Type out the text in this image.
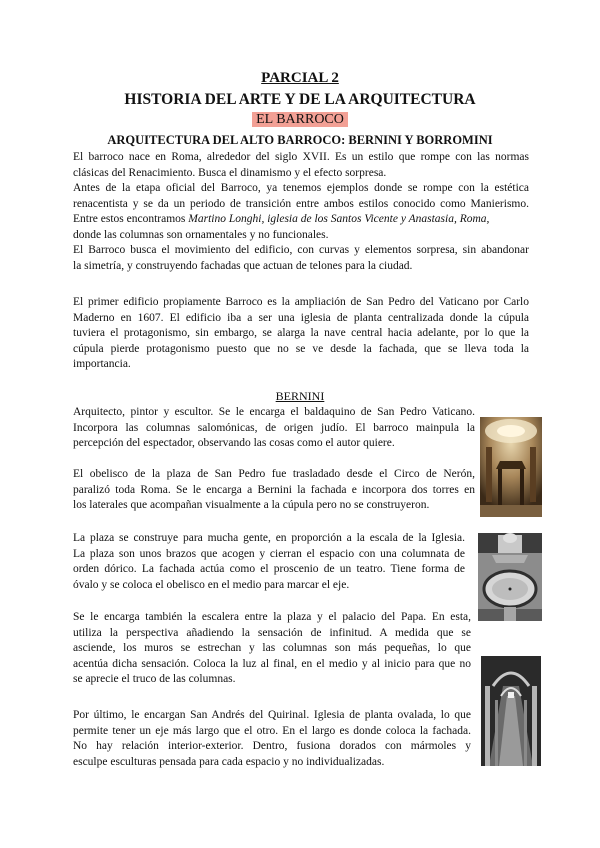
PARCIAL 2
HISTORIA DEL ARTE Y DE LA ARQUITECTURA
EL BARROCO
ARQUITECTURA DEL ALTO BARROCO: BERNINI Y BORROMINI
El barroco nace en Roma, alrededor del siglo XVII. Es un estilo que rompe con las normas
clásicas del Renacimiento. Busca el dinamismo y el efecto sorpresa.
Antes de la etapa oficial del Barroco, ya tenemos ejemplos donde se rompe con la estética
renacentista y se da un periodo de transición entre ambos estilos conocido como Manierismo.
Entre estos encontramos Martino Longhi, iglesia de los Santos Vicente y Anastasia, Roma,
donde las columnas son ornamentales y no funcionales.
El Barroco busca el movimiento del edificio, con curvas y elementos sorpresa, sin abandonar
la simetría, y construyendo fachadas que actuan de telones para la ciudad.
El primer edificio propiamente Barroco es la ampliación de San Pedro del Vaticano por Carlo
Maderno en 1607. El edificio iba a ser una iglesia de planta centralizada donde la cúpula
tuviera el protagonismo, sin embargo, se alarga la nave central hacia adelante, por lo que la
cúpula pierde protagonismo puesto que no se ve desde la fachada, que se lleva toda la
importancia.
BERNINI
Arquitecto, pintor y escultor. Se le encarga el baldaquino de San Pedro Vaticano.
Incorpora las columnas salomónicas, de origen judío. El barroco mainpula la
percepción del espectador, observando las cosas como el autor quiere.
El obelisco de la plaza de San Pedro fue trasladado desde el Circo de Nerón,
paralizó toda Roma. Se le encarga a Bernini la fachada e incorpora dos torres en
los laterales que acompañan visualmente a la cúpula pero no se construyeron.
La plaza se construye para mucha gente, en proporción a la escala de la Iglesia.
La plaza son unos brazos que acogen y cierran el espacio con una columnata de
orden dórico. La fachada actúa como el proscenio de un teatro. Tiene forma de
óvalo y se coloca el obelisco en el medio para marcar el eje.
Se le encarga también la escalera entre la plaza y el palacio del Papa. En esta,
utiliza la perspectiva añadiendo la sensación de infinitud. A medida que se
asciende, los muros se estrechan y las columnas son más pequeñas, lo que
acentúa dicha sensación. Coloca la luz al final, en el medio y al inicio para que no
se aprecie el truco de las columnas.
Por último, le encargan San Andrés del Quirinal. Iglesia de planta ovalada, lo que
permite tener un eje más largo que el otro. En el largo es donde coloca la fachada.
No hay relación interior-exterior. Dentro, fusiona dorados con mármoles y
esculpe esculturas pensada para cada espacio y no individualizadas.
